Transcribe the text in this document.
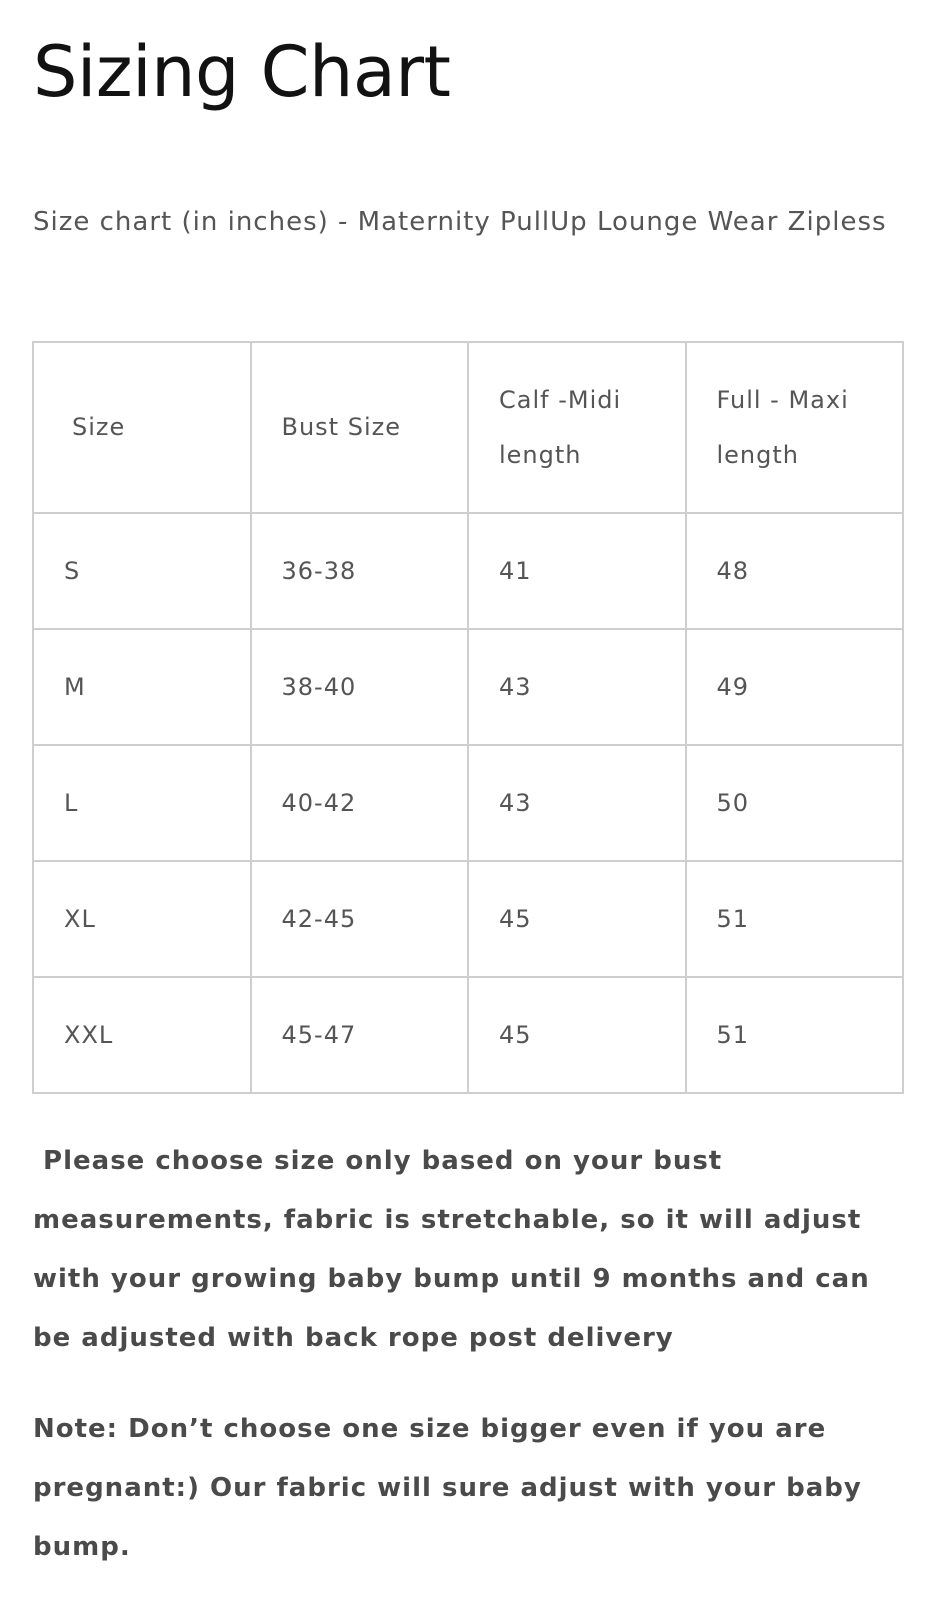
Sizing Chart

Size chart (in inches) - Maternity PullUp Lounge Wear Zipless

Size	Bust Size	Calf -Midi length	Full - Maxi length
S	36-38	41	48
M	38-40	43	49
L	40-42	43	50
XL	42-45	45	51
XXL	45-47	45	51

Please choose size only based on your bust measurements, fabric is stretchable, so it will adjust with your growing baby bump until 9 months and can be adjusted with back rope post delivery

Note: Don’t choose one size bigger even if you are pregnant:) Our fabric will sure adjust with your baby bump.
